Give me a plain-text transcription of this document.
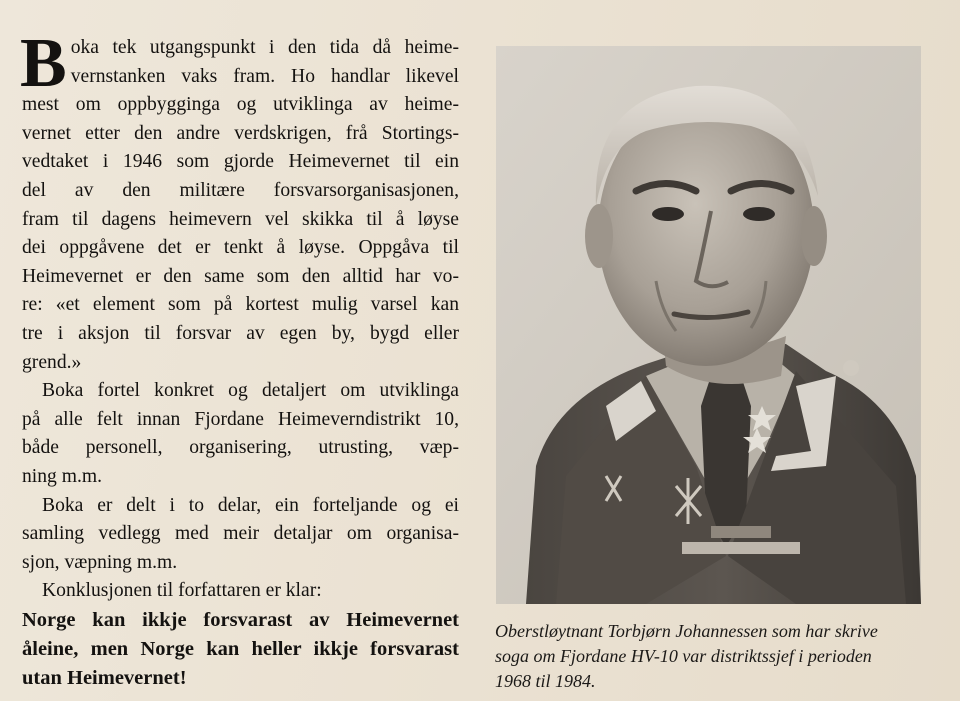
B oka tek utgangspunkt i den tida då heime-
vernstanken vaks fram. Ho handlar likevel
mest om oppbygginga og utviklinga av heime-
vernet etter den andre verdskrigen, frå Stortings-
vedtaket i 1946 som gjorde Heimevernet til ein
del av den militære forsvarsorganisasjonen,
fram til dagens heimevern vel skikka til å løyse
dei oppgåvene det er tenkt å løyse. Oppgåva til
Heimevernet er den same som den alltid har vo-
re: «et element som på kortest mulig varsel kan
tre i aksjon til forsvar av egen by, bygd eller
grend.»
Boka fortel konkret og detaljert om utviklinga
på alle felt innan Fjordane Heimeverndistrikt 10,
både personell, organisering, utrusting, væp-
ning m.m.
Boka er delt i to delar, ein forteljande og ei
samling vedlegg med meir detaljar om organisa-
sjon, væpning m.m.
Konklusjonen til forfattaren er klar:
Norge kan ikkje forsvarast av Heimevernet
åleine, men Norge kan heller ikkje forsvarast
utan Heimevernet!
Oberstløytnant Torbjørn Johannessen som har skrive
soga om Fjordane HV-10 var distriktssjef i perioden
1968 til 1984.
